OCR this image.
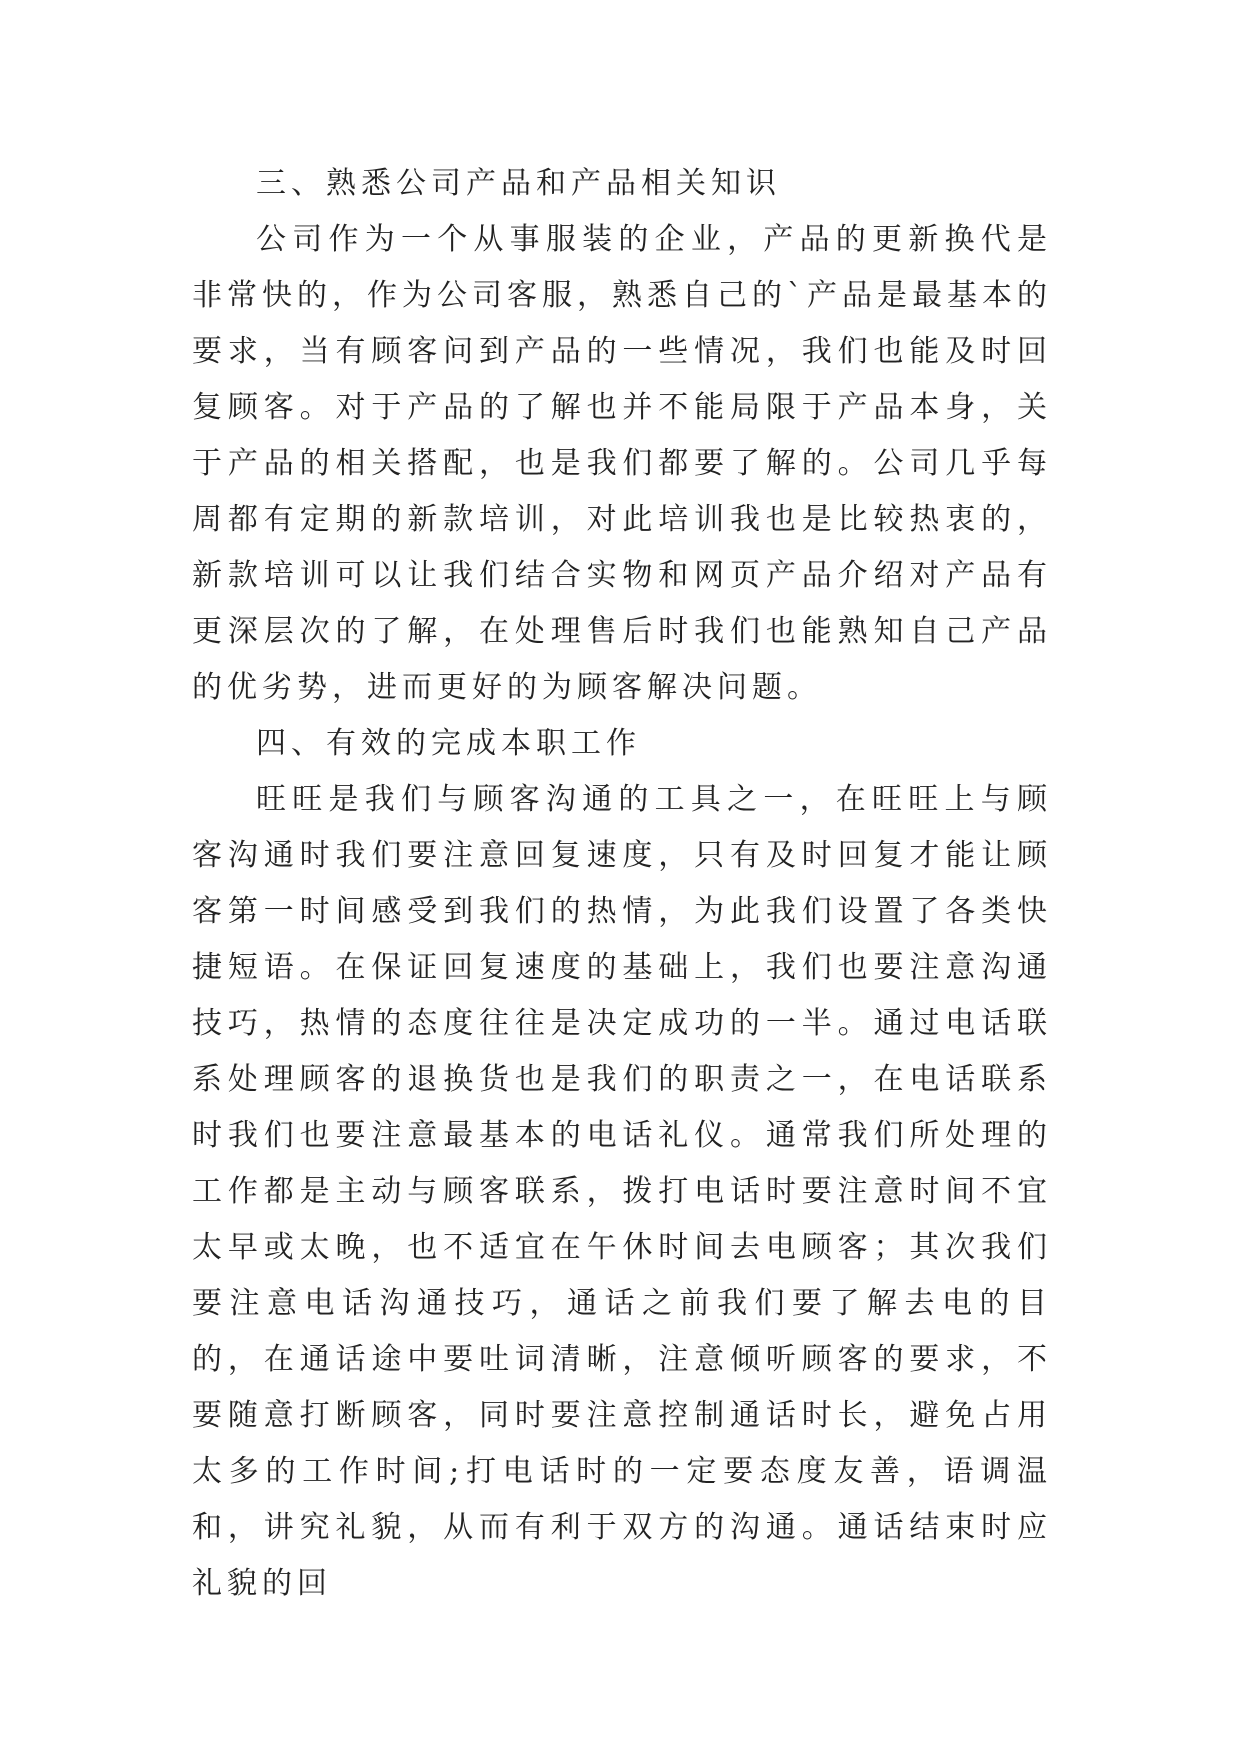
三、熟悉公司产品和产品相关知识

公司作为一个从事服装的企业，产品的更新换代是非常快的，作为公司客服，熟悉自己的`产品是最基本的要求，当有顾客问到产品的一些情况，我们也能及时回复顾客。对于产品的了解也并不能局限于产品本身，关于产品的相关搭配，也是我们都要了解的。公司几乎每周都有定期的新款培训，对此培训我也是比较热衷的，新款培训可以让我们结合实物和网页产品介绍对产品有更深层次的了解，在处理售后时我们也能熟知自己产品的优劣势，进而更好的为顾客解决问题。

四、有效的完成本职工作

旺旺是我们与顾客沟通的工具之一，在旺旺上与顾客沟通时我们要注意回复速度，只有及时回复才能让顾客第一时间感受到我们的热情，为此我们设置了各类快捷短语。在保证回复速度的基础上，我们也要注意沟通技巧，热情的态度往往是决定成功的一半。通过电话联系处理顾客的退换货也是我们的职责之一，在电话联系时我们也要注意最基本的电话礼仪。通常我们所处理的工作都是主动与顾客联系，拨打电话时要注意时间不宜太早或太晚，也不适宜在午休时间去电顾客；其次我们要注意电话沟通技巧，通话之前我们要了解去电的目的，在通话途中要吐词清晰，注意倾听顾客的要求，不要随意打断顾客，同时要注意控制通话时长，避免占用太多的工作时间;打电话时的一定要态度友善，语调温和，讲究礼貌，从而有利于双方的沟通。通话结束时应礼貌的回
